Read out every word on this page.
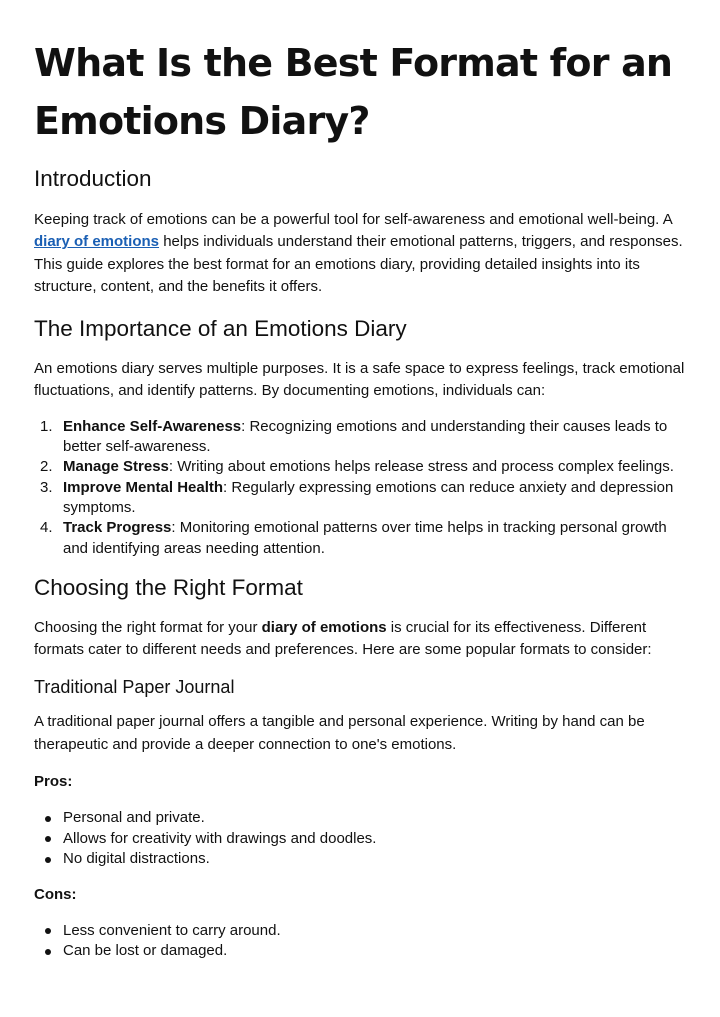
What Is the Best Format for an Emotions Diary?
Introduction

Keeping track of emotions can be a powerful tool for self-awareness and emotional well-being. A diary of emotions helps individuals understand their emotional patterns, triggers, and responses. This guide explores the best format for an emotions diary, providing detailed insights into its structure, content, and the benefits it offers.

The Importance of an Emotions Diary

An emotions diary serves multiple purposes. It is a safe space to express feelings, track emotional fluctuations, and identify patterns. By documenting emotions, individuals can:

1. Enhance Self-Awareness: Recognizing emotions and understanding their causes leads to better self-awareness.
2. Manage Stress: Writing about emotions helps release stress and process complex feelings.
3. Improve Mental Health: Regularly expressing emotions can reduce anxiety and depression symptoms.
4. Track Progress: Monitoring emotional patterns over time helps in tracking personal growth and identifying areas needing attention.
Choosing the Right Format

Choosing the right format for your diary of emotions is crucial for its effectiveness. Different formats cater to different needs and preferences. Here are some popular formats to consider:

Traditional Paper Journal

A traditional paper journal offers a tangible and personal experience. Writing by hand can be therapeutic and provide a deeper connection to one's emotions.

Pros:
Personal and private.
Allows for creativity with drawings and doodles.
No digital distractions.
Cons:
Less convenient to carry around.
Can be lost or damaged.
